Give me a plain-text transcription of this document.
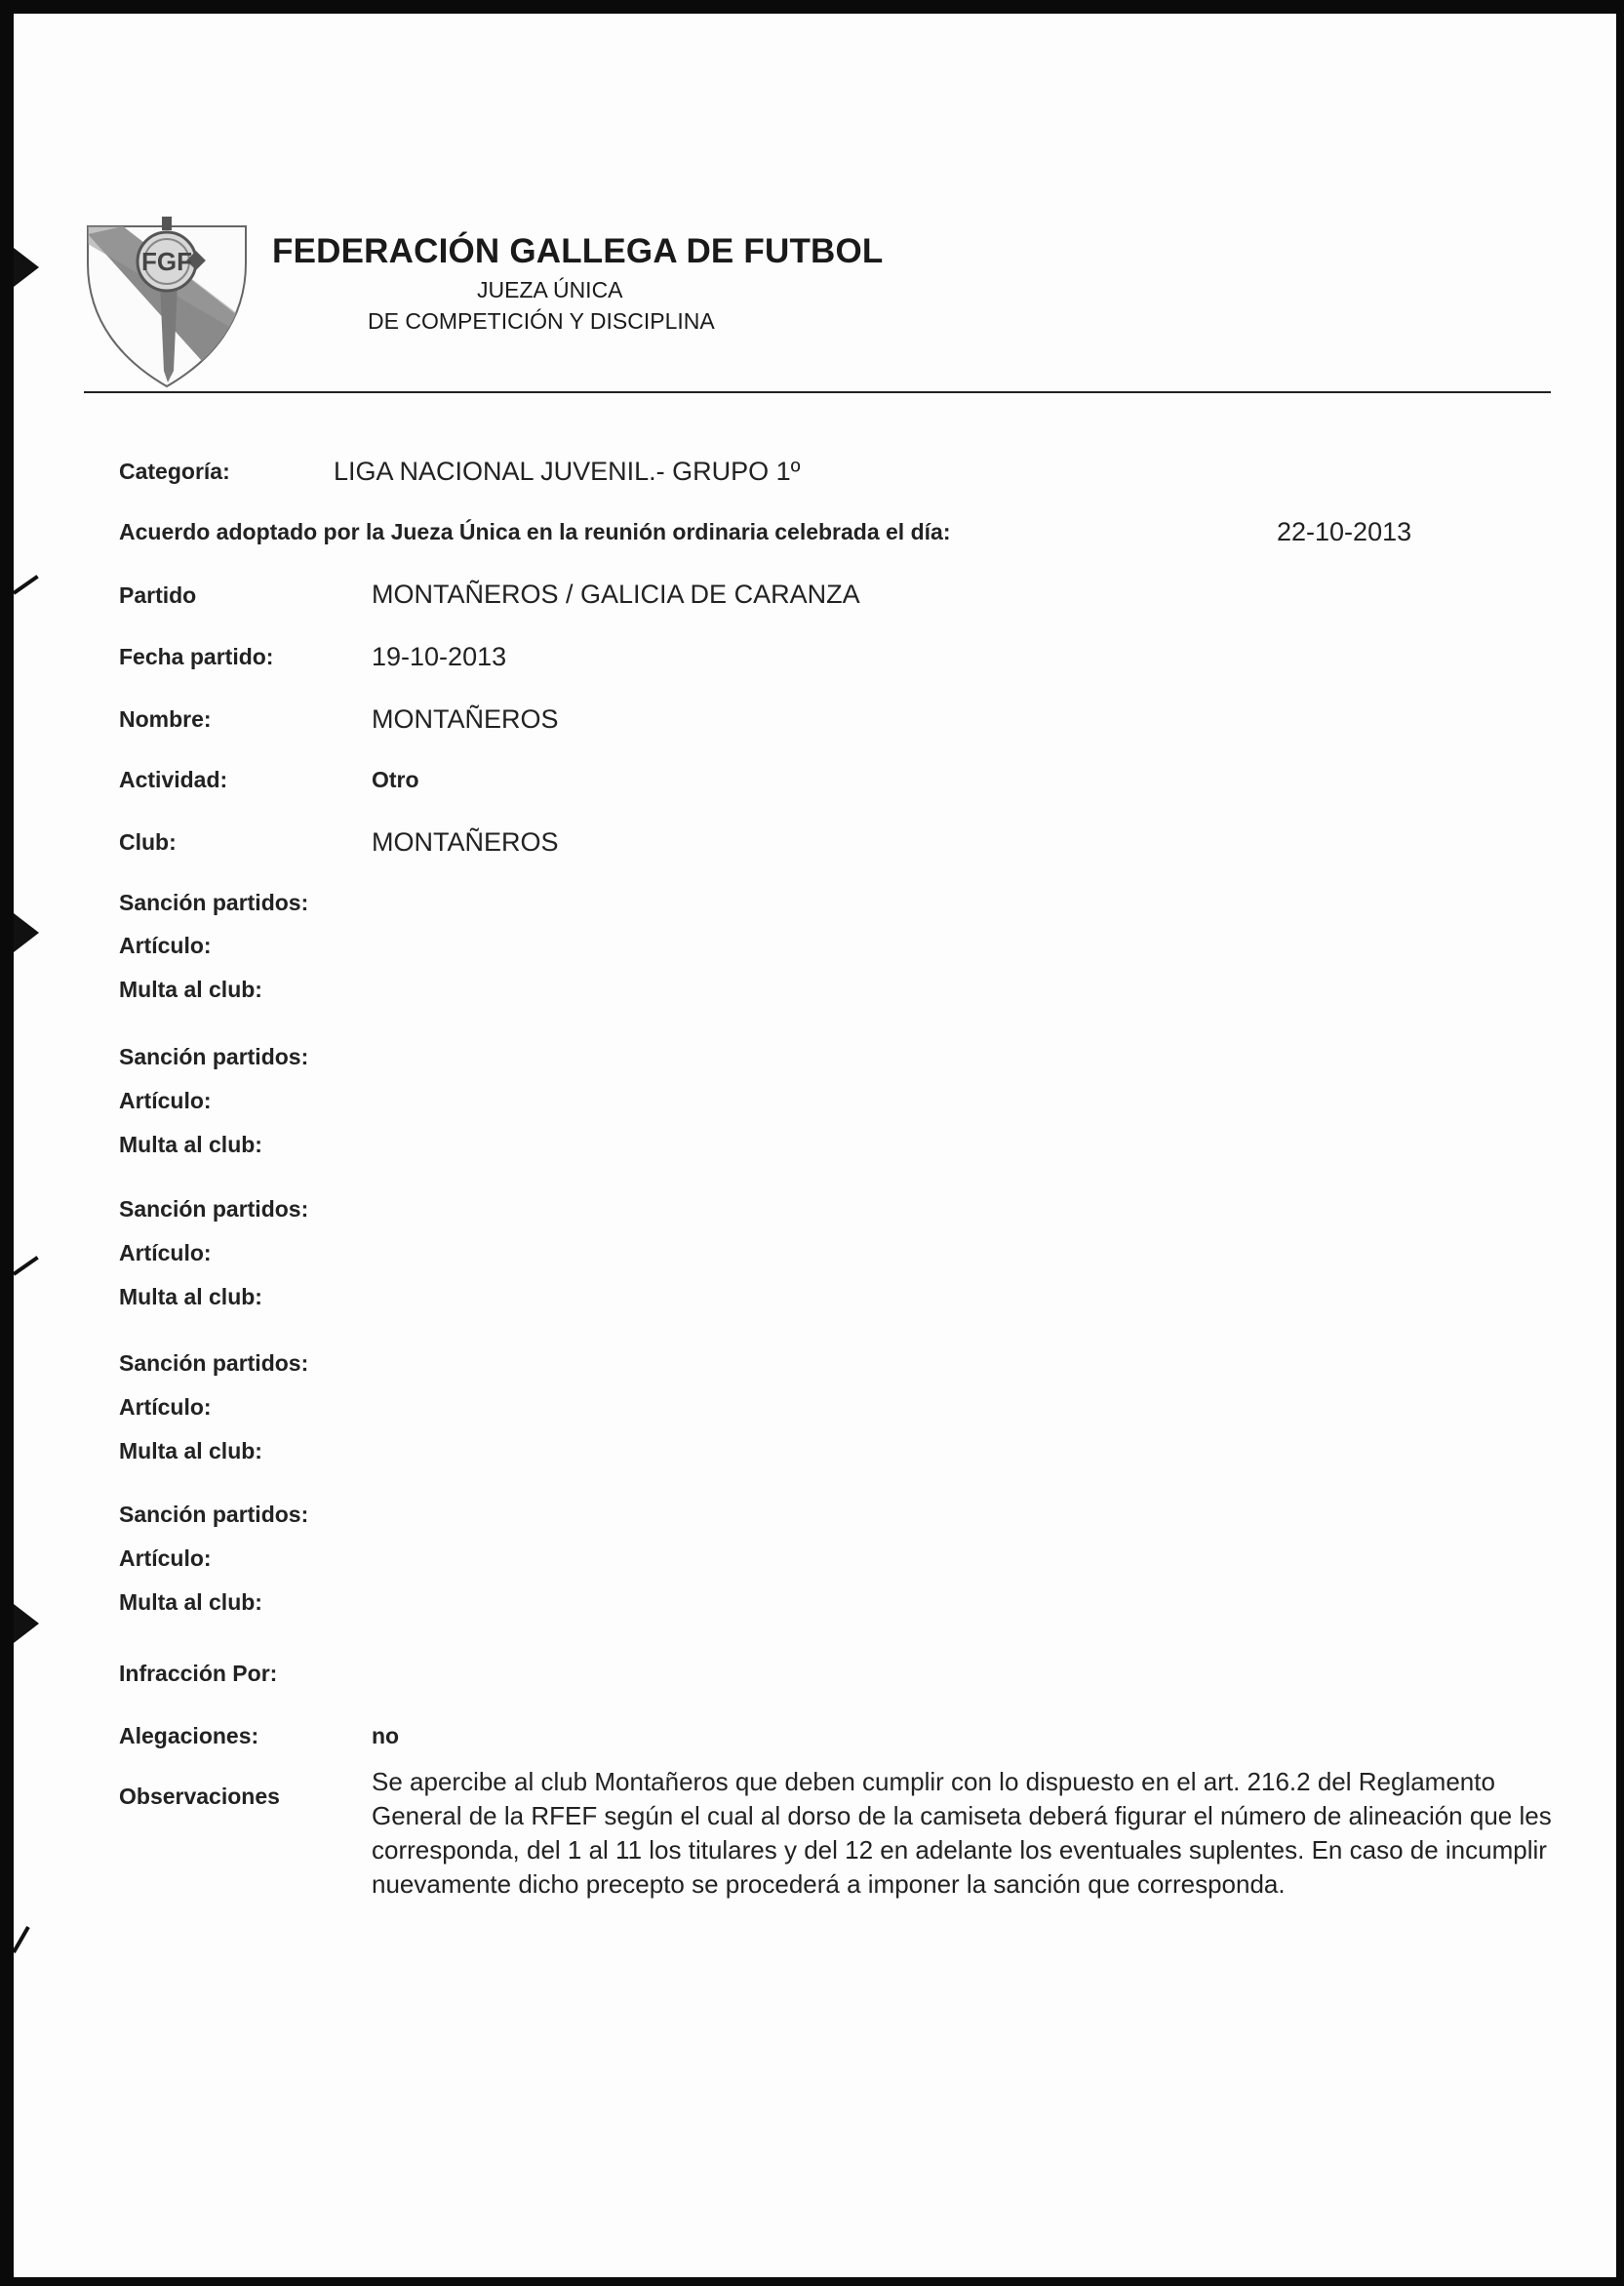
FGF FEDERACIÓN GALLEGA DE FUTBOL
JUEZA ÚNICA
DE COMPETICIÓN Y DISCIPLINA
Categoría:	LIGA NACIONAL JUVENIL.- GRUPO 1º
Acuerdo adoptado por la Jueza Única en la reunión ordinaria celebrada el día:	22-10-2013
Partido	MONTAÑEROS / GALICIA DE CARANZA
Fecha partido:	19-10-2013
Nombre:	MONTAÑEROS
Actividad:	Otro
Club:	MONTAÑEROS
Sanción partidos:
Artículo:
Multa al club:
Sanción partidos:
Artículo:
Multa al club:
Sanción partidos:
Artículo:
Multa al club:
Sanción partidos:
Artículo:
Multa al club:
Sanción partidos:
Artículo:
Multa al club:
Infracción Por:
Alegaciones:	no
Observaciones	Se apercibe al club Montañeros que deben cumplir con lo dispuesto en el art. 216.2 del Reglamento General de la RFEF según el cual al dorso de la camiseta deberá figurar el número de alineación que les corresponda, del 1 al 11 los titulares y del 12 en adelante los eventuales suplentes. En caso de incumplir nuevamente dicho precepto se procederá a imponer la sanción que corresponda.
